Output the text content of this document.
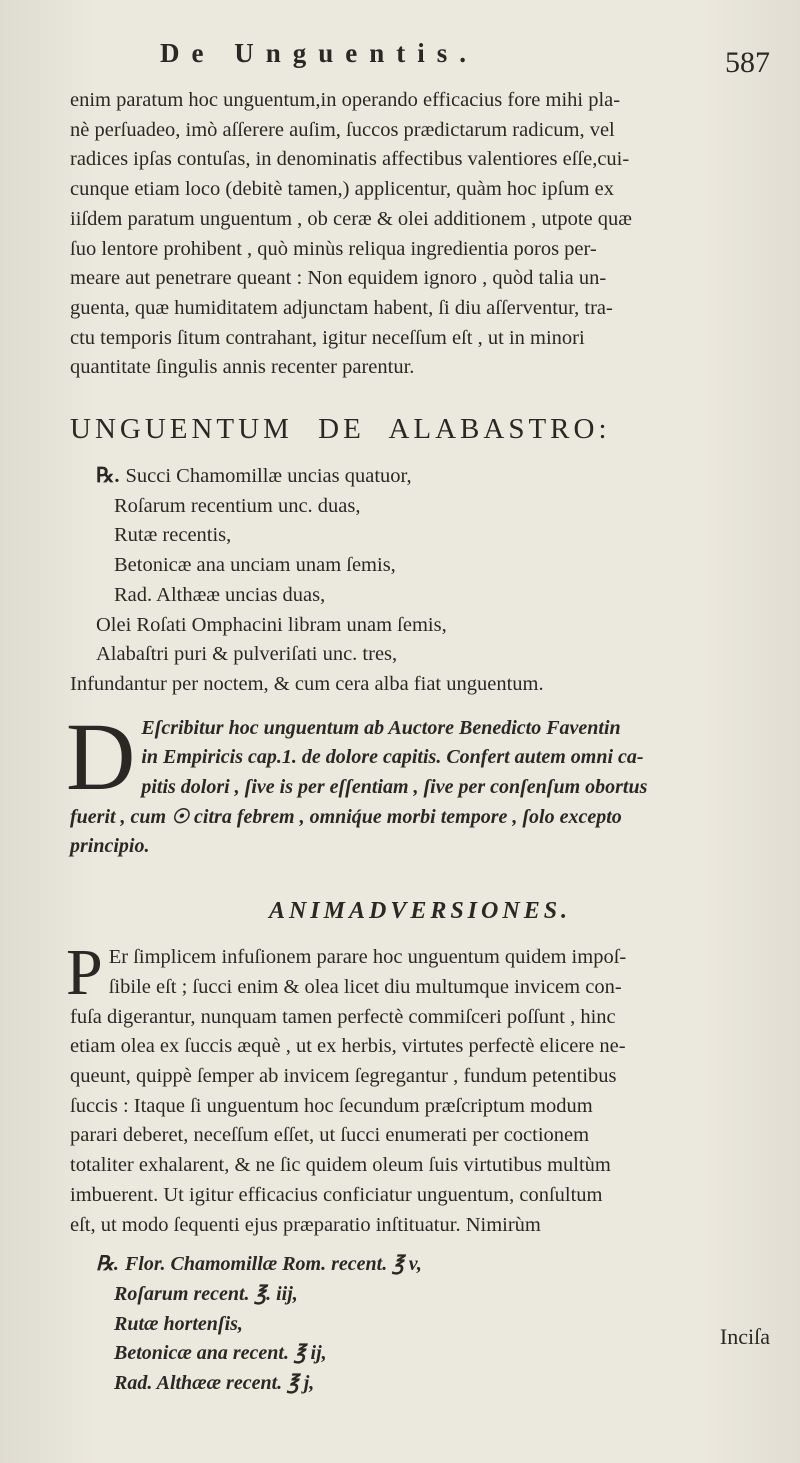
De Unguentis.	587

enim paratum hoc unguentum,in operando efficacius fore mihi pla-
nè perſuadeo, imò aſſerere auſim, ſuccos prædictarum radicum, vel
radices ipſas contuſas, in denominatis affectibus valentiores eſſe,cui-
cunque etiam loco (debitè tamen,) applicentur, quàm hoc ipſum ex
iiſdem paratum unguentum , ob ceræ & olei additionem , utpote quæ
ſuo lentore prohibent , quò minùs reliqua ingredientia poros per-
meare aut penetrare queant : Non equidem ignoro , quòd talia un-
guenta, quæ humiditatem adjunctam habent, ſi diu aſſerventur, tra-
ctu temporis ſitum contrahant, igitur neceſſum eſt , ut in minori
quantitate ſingulis annis recenter parentur.

UNGUENTUM DE ALABASTRO:
℞. Succi Chamomillæ uncias quatuor,
Roſarum recentium unc. duas,
Rutæ recentis,
Betonicæ ana unciam unam ſemis,
Rad. Althææ uncias duas,
Olei Roſati Omphacini libram unam ſemis,
Alabaſtri puri & pulveriſati unc. tres,
Infundantur per noctem, & cum cera alba fiat unguentum.
D Eſcribitur hoc unguentum ab Auctore Benedicto Faventin
in Empiricis cap.1. de dolore capitis. Confert autem omni ca-
pitis dolori , ſive is per eſſentiam , ſive per conſenſum obortus
fuerit , cum ☉ citra febrem , omniq́ue morbi tempore , ſolo excepto
principio.

ANIMADVERSIONES.
P Er ſimplicem infuſionem parare hoc unguentum quidem impoſ-
ſibile eſt ; ſucci enim & olea licet diu multumque invicem con-
fuſa digerantur, nunquam tamen perfectè commiſceri poſſunt , hinc
etiam olea ex ſuccis æquè , ut ex herbis, virtutes perfectè elicere ne-
queunt, quippè ſemper ab invicem ſegregantur , fundum petentibus
ſuccis : Itaque ſi unguentum hoc ſecundum præſcriptum modum
parari deberet, neceſſum eſſet, ut ſucci enumerati per coctionem
totaliter exhalarent, & ne ſic quidem oleum ſuis virtutibus multùm
imbuerent. Ut igitur efficacius conficiatur unguentum, conſultum
eſt, ut modo ſequenti ejus præparatio inſtituatur. Nimirùm

℞. Flor. Chamomillæ Rom. recent. ℥ v,
Roſarum recent. ℥. iij,
Rutæ hortenſis,
Betonicæ ana recent. ℥ ij,
Rad. Althææ recent. ℥ j,
Inciſa
